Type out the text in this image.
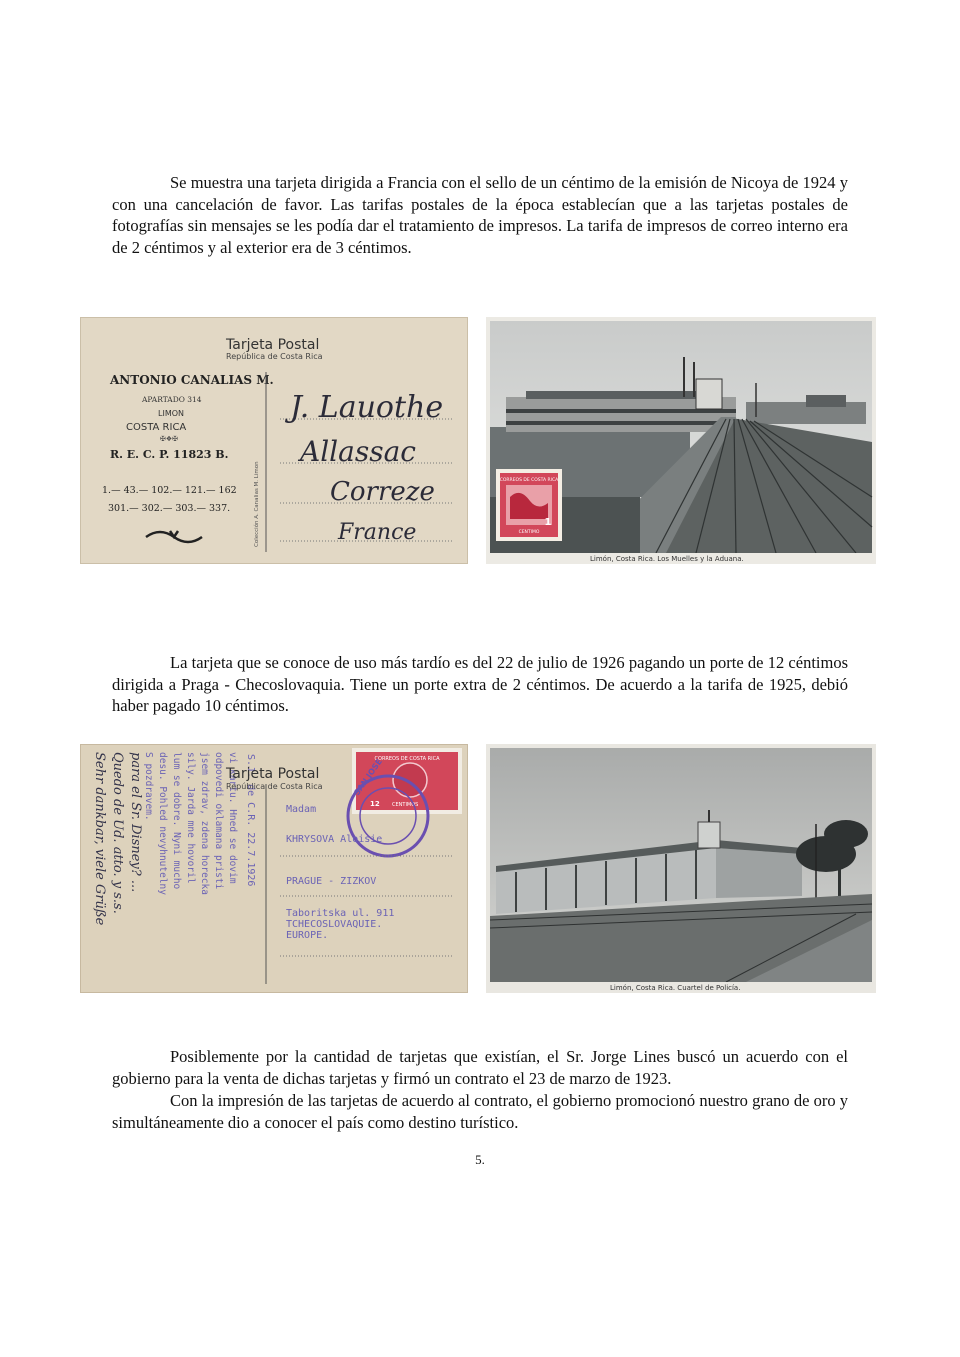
Se muestra una tarjeta dirigida a Francia con el sello de un céntimo de la emisión de Nicoya de 1924 y con una cancelación de favor. Las tarifas postales de la época establecían que a las tarjetas postales de fotografías sin mensajes se les podía dar el tratamiento de impresos. La tarifa de impresos de correo interno era de 2 céntimos y al exterior era de 3 céntimos.

Tarjeta Postal
República de Costa Rica
ANTONIO CANALIAS M.
APARTADO 314
LIMON
COSTA RICA
✠❖✠
R. E. C. P. 11823 B.
1.— 43.— 102.— 121.— 162
301.— 302.— 303.— 337.	Colección A. Canalias M. Limon
J. Lauothe
Allassac
Correze
France
CORREOS DE COSTA RICA
1
CENTIMO
Limón, Costa Rica. Los Muelles y la Aduana.

La tarjeta que se conoce de uso más tardío es del 22 de julio de 1926 pagando un porte de 12 céntimos dirigida a Praga - Checoslovaquia. Tiene un porte extra de 2 céntimos. De acuerdo a la tarifa de 1925, debió haber pagado 10 céntimos.

Sehr dankbar, viele Grüße Quedo de Ud. atto. y s.s. para el Sr. Disney? ... S pozdravem. desu. Pohled nevyhnutelny lum se dobre. Nyni mucho sily. Jarda mne hovoril jsem zdrav, zdena horecka odpovedi oklamana pristi vi kartu. Hned se dovim S.J. de C.R. 22.7.1926
Tarjeta Postal
República de Costa Rica
CORREOS DE COSTA RICA
12 CENTIMOS
SAN JOSE
Madam
KHRYSOVA Aloisie
PRAGUE - ZIZKOV
Taboritska ul. 911
TCHECOSLOVAQUIE.
EUROPE.
Limón, Costa Rica. Cuartel de Policía.

Posiblemente por la cantidad de tarjetas que existían, el Sr. Jorge Lines buscó un acuerdo con el gobierno para la venta de dichas tarjetas y firmó un contrato el 23 de marzo de 1923.

Con la impresión de las tarjetas de acuerdo al contrato, el gobierno promocionó nuestro grano de oro y simultáneamente dio a conocer el país como destino turístico.

5.
